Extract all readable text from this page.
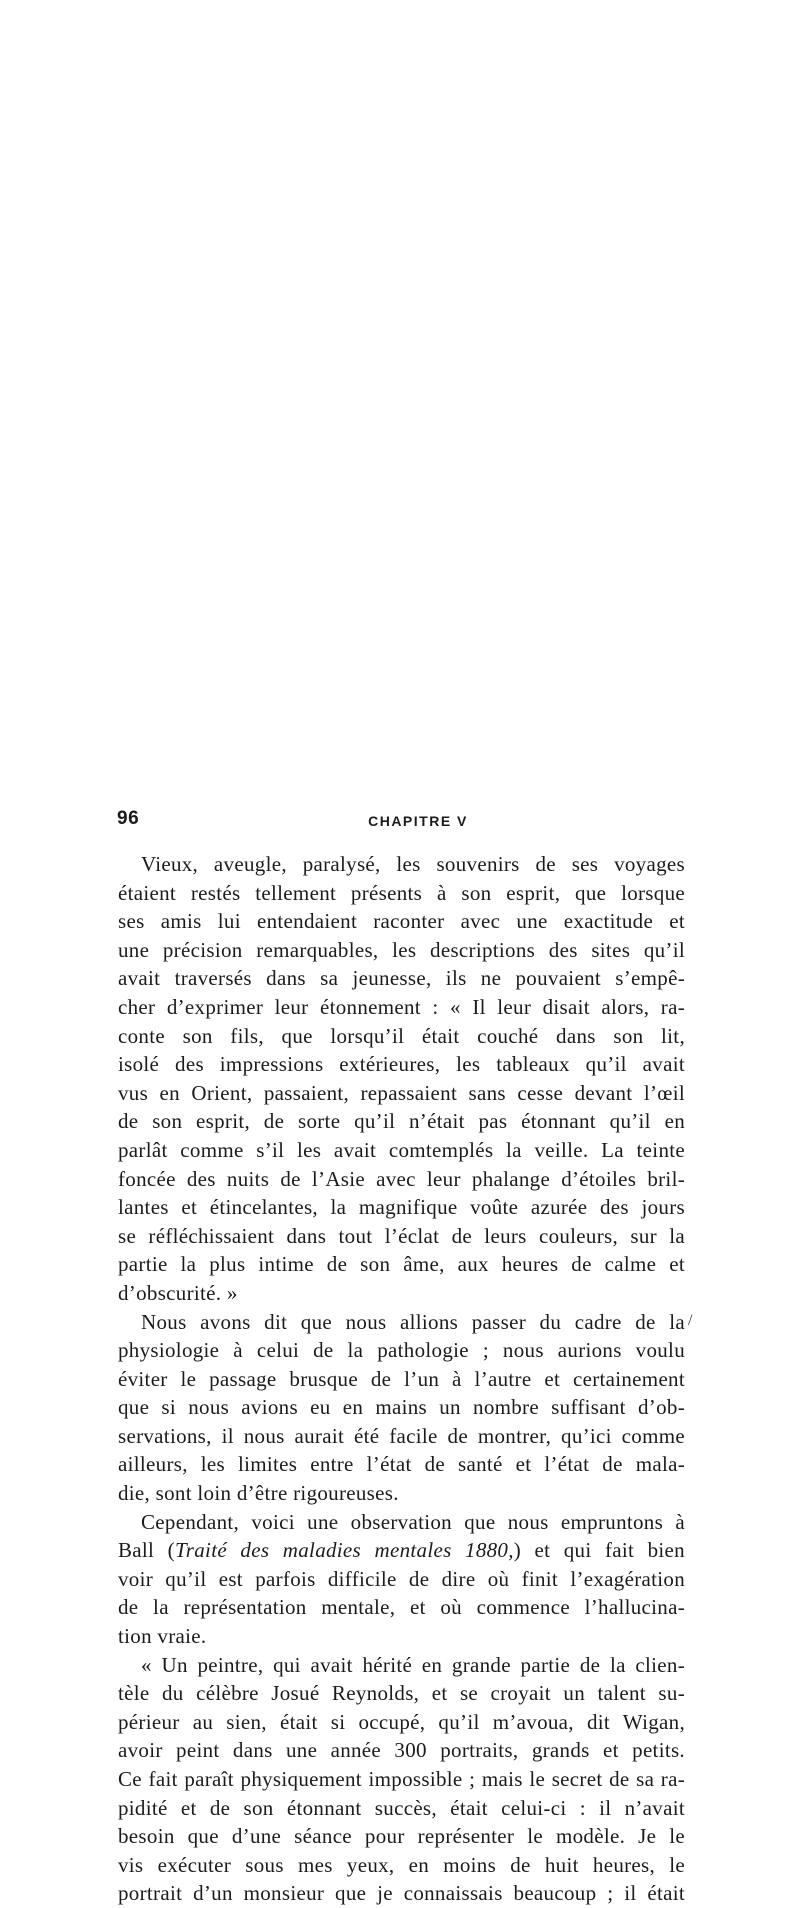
96	CHAPITRE V
Vieux, aveugle, paralysé, les souvenirs de ses voyages
étaient restés tellement présents à son esprit, que lorsque
ses amis lui entendaient raconter avec une exactitude et
une précision remarquables, les descriptions des sites qu’il
avait traversés dans sa jeunesse, ils ne pouvaient s’empê-
cher d’exprimer leur étonnement : « Il leur disait alors, ra-
conte son fils, que lorsqu’il était couché dans son lit,
isolé des impressions extérieures, les tableaux qu’il avait
vus en Orient, passaient, repassaient sans cesse devant l’œil
de son esprit, de sorte qu’il n’était pas étonnant qu’il en
parlât comme s’il les avait comtemplés la veille. La teinte
foncée des nuits de l’Asie avec leur phalange d’étoiles bril-
lantes et étincelantes, la magnifique voûte azurée des jours
se réfléchissaient dans tout l’éclat de leurs couleurs, sur la
partie la plus intime de son âme, aux heures de calme et
d’obscurité. »
Nous avons dit que nous allions passer du cadre de la
physiologie à celui de la pathologie ; nous aurions voulu
éviter le passage brusque de l’un à l’autre et certainement
que si nous avions eu en mains un nombre suffisant d’ob-
servations, il nous aurait été facile de montrer, qu’ici comme
ailleurs, les limites entre l’état de santé et l’état de mala-
die, sont loin d’être rigoureuses.
Cependant, voici une observation que nous empruntons à
Ball (Traité des maladies mentales 1880,) et qui fait bien
voir qu’il est parfois difficile de dire où finit l’exagération
de la représentation mentale, et où commence l’hallucina-
tion vraie.
« Un peintre, qui avait hérité en grande partie de la clien-
tèle du célèbre Josué Reynolds, et se croyait un talent su-
périeur au sien, était si occupé, qu’il m’avoua, dit Wigan,
avoir peint dans une année 300 portraits, grands et petits.
Ce fait paraît physiquement impossible ; mais le secret de sa ra-
pidité et de son étonnant succès, était celui-ci : il n’avait
besoin que d’une séance pour représenter le modèle. Je le
vis exécuter sous mes yeux, en moins de huit heures, le
portrait d’un monsieur que je connaissais beaucoup ; il était
/
